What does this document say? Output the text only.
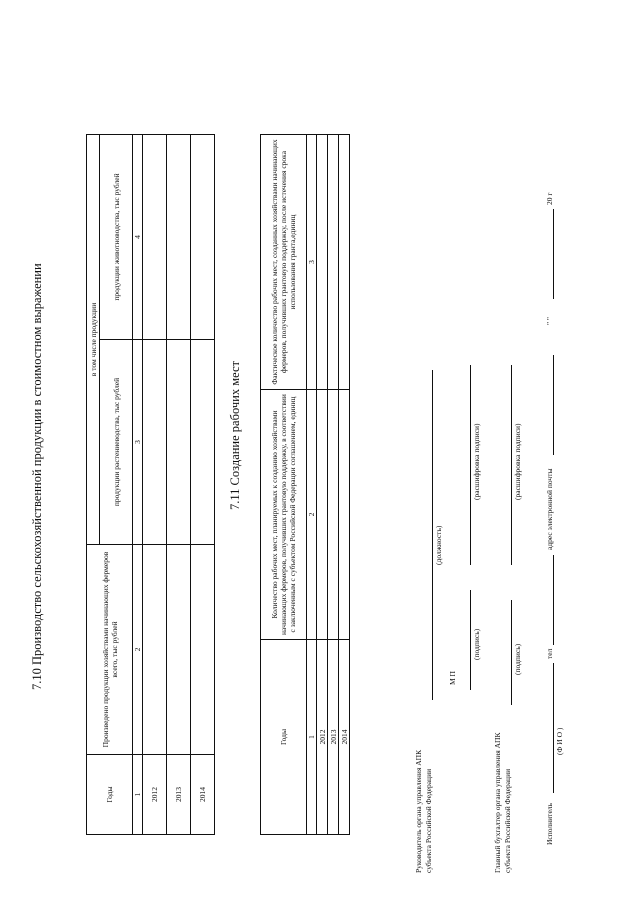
7.10 Производство сельскохозяйственной продукции в стоимостном выражении
Годы	Произведено продукции хозяйствами начинающих фермеров всего, тыс рублей	в том числе продукции	
		продукции растениеводства, тыс рублей	продукции животноводства, тыс рублей
1	2	3	4
2012			
2013			
2014			
7.11 Создание рабочих мест
Годы	Количество рабочих мест, планируемых к созданию хозяйствами начинающих фермеров, получивших грантовую поддержку, в соответствии с заключенным с субъектом Российской Федерации соглашением, единиц	Фактическое количество рабочих мест, созданных хозяйствами начинающих фермеров, получивших грантовую поддержку, после истечения срока использования гранта,единиц
1	2	3
2012		
2013		
2014		
Руководитель органа управления АПК субъекта Российской Федерации
(должность)
(подпись)
(расшифровка подписи)
М П
Главный бухгалтер органа управления АПК субъекта Российской Федерации
(подпись)
(расшифровка подписи)
Исполнитель
(Ф И О )
тел
адрес электронной почты
" "
20 г
